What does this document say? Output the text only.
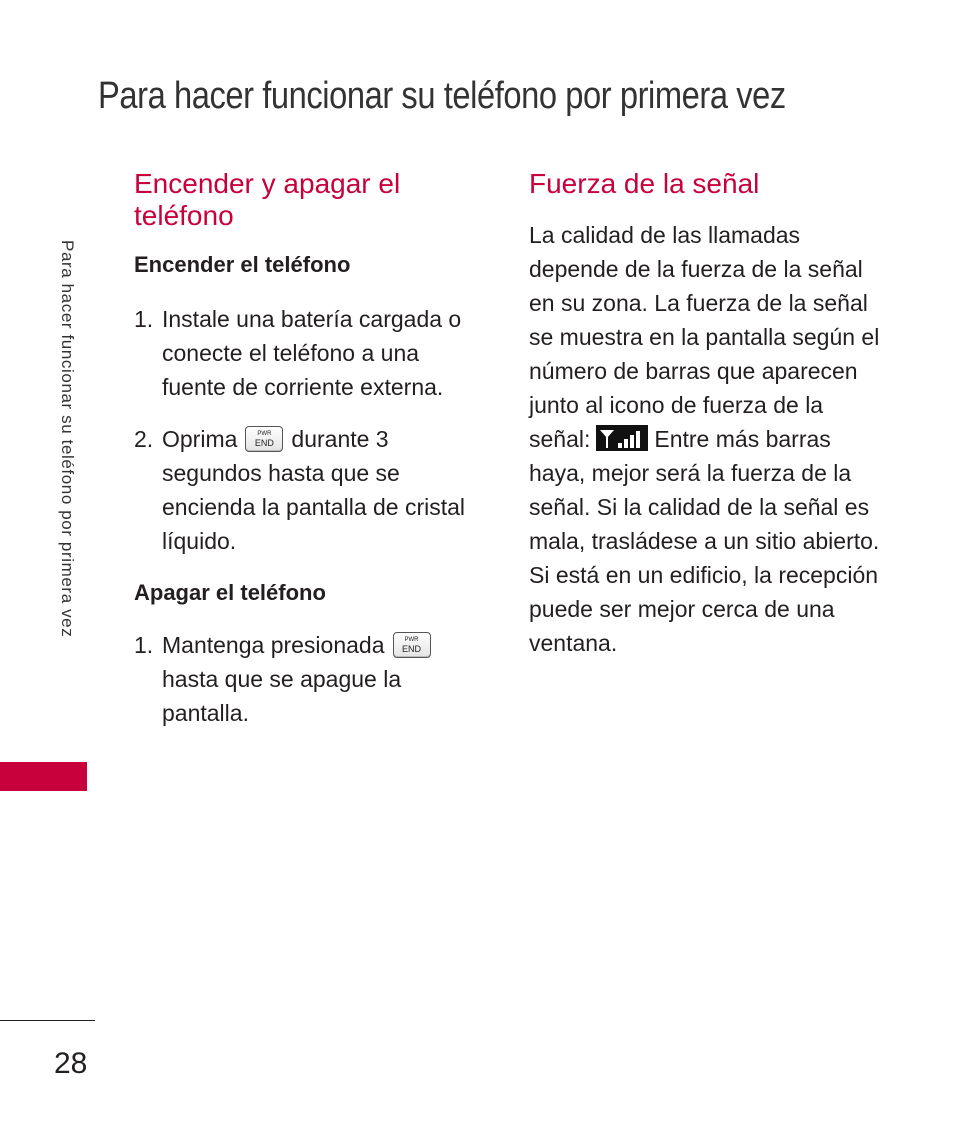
Para hacer funcionar su teléfono por primera vez
Para hacer funcionar su teléfono por primera vez
Encender y apagar el teléfono
Encender el teléfono
1. Instale una batería cargada o conecte el teléfono a una fuente de corriente externa.
2. Oprima	PWR
END durante 3 segundos hasta que se encienda la pantalla de cristal líquido.
Apagar el teléfono
1. Mantenga presionada	PWR
END
hasta que se apague la pantalla.
Fuerza de la señal

La calidad de las llamadas depende de la fuerza de la señal en su zona. La fuerza de la señal se muestra en la pantalla según el número de barras que aparecen junto al icono de fuerza de la señal:	Entre más barras haya, mejor será la fuerza de la señal. Si la calidad de la señal es mala, trasládese a un sitio abierto. Si está en un edificio, la recepción puede ser mejor cerca de una ventana.

28
